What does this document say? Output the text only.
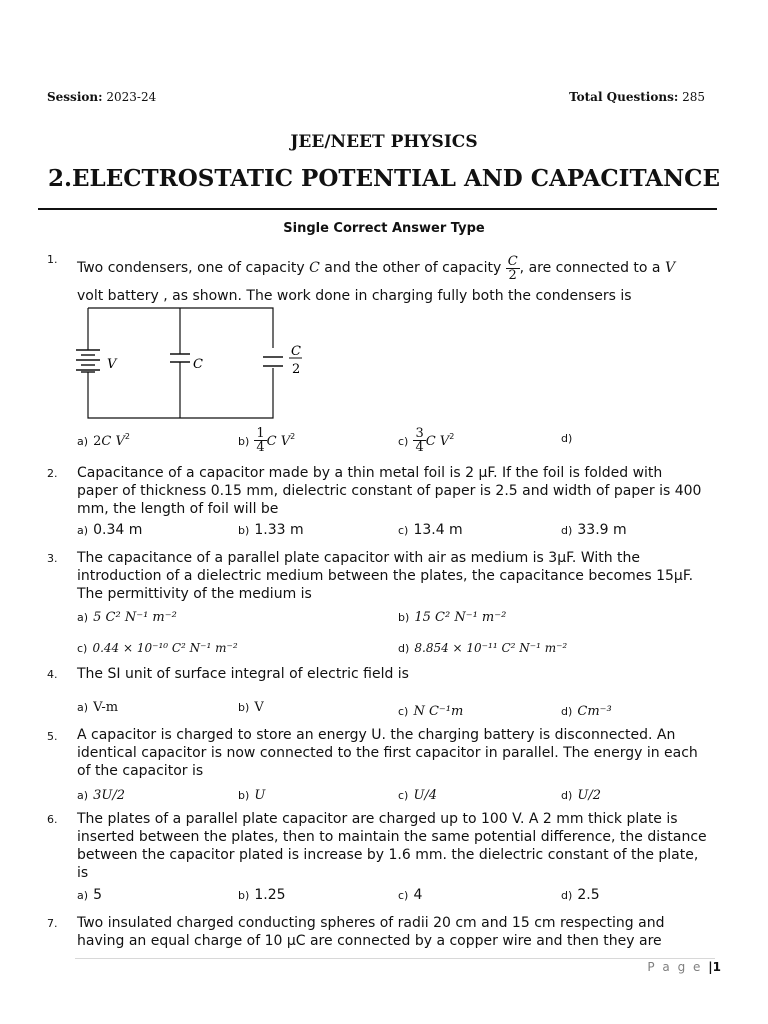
Session: 2023-24	Total Questions: 285
JEE/NEET PHYSICS
2.ELECTROSTATIC POTENTIAL AND CAPACITANCE
Single Correct Answer Type
1.
Two condensers, one of capacity C and the other of capacity $\frac{C}{2}$ , are connected to a V
volt battery , as shown. The work done in charging fully both the condensers is
V	C
C
2
a) 2C $V^2$	$b) \frac{1}{4}$ C $V^2$	$c) \frac{3}{4}$ C $V^2$	d)
2. Capacitance of a capacitor made by a thin metal foil is 2 μF. If the foil is folded with
paper of thickness 0.15 mm, dielectric constant of paper is 2.5 and width of paper is 400
mm, the length of foil will be
a) 0.34 m	b) 1.33 m	c) 13.4 m	d) 33.9 m
3. The capacitance of a parallel plate capacitor with air as medium is 3μF. With the
introduction of a dielectric medium between the plates, the capacitance becomes 15μF.
The permittivity of the medium is
a) 5 C² N⁻¹ m⁻²	b) 15 C² N⁻¹ m⁻²
c) 0.44 × 10⁻¹⁰ C² N⁻¹ m⁻²	d) 8.854 × 10⁻¹¹ C² N⁻¹ m⁻²
4. The SI unit of surface integral of electric field is
a) V-m	b) V	c) N C⁻¹m	d) Cm⁻³
5. A capacitor is charged to store an energy U. the charging battery is disconnected. An
identical capacitor is now connected to the first capacitor in parallel. The energy in each
of the capacitor is
a) 3U/2	b) U	c) U/4	d) U/2
6. The plates of a parallel plate capacitor are charged up to 100 V. A 2 mm thick plate is
inserted between the plates, then to maintain the same potential difference, the distance
between the capacitor plated is increase by 1.6 mm. the dielectric constant of the plate,
is
a) 5	b) 1.25	c) 4	d) 2.5
7. Two insulated charged conducting spheres of radii 20 cm and 15 cm respecting and
having an equal charge of 10 μC are connected by a copper wire and then they are
P a g e |1
